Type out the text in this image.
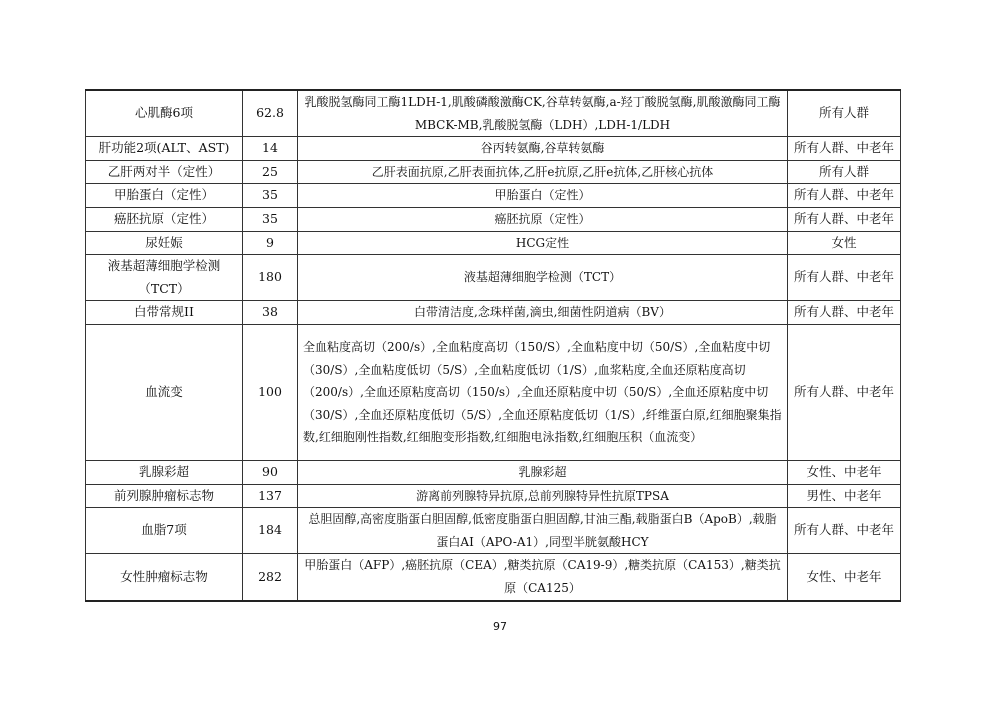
心肌酶6项	62.8	乳酸脱氢酶同工酶1LDH-1,肌酸磷酸激酶CK,谷草转氨酶,a-羟丁酸脱氢酶,肌酸激酶同工酶MBCK-MB,乳酸脱氢酶（LDH）,LDH-1/LDH	所有人群
肝功能2项(ALT、AST)	14	谷丙转氨酶,谷草转氨酶	所有人群、中老年
乙肝两对半（定性）	25	乙肝表面抗原,乙肝表面抗体,乙肝e抗原,乙肝e抗体,乙肝核心抗体	所有人群
甲胎蛋白（定性）	35	甲胎蛋白（定性）	所有人群、中老年
癌胚抗原（定性）	35	癌胚抗原（定性）	所有人群、中老年
尿妊娠	9	HCG定性	女性

液基超薄细胞学检测
（TCT）	180	液基超薄细胞学检测（TCT）	所有人群、中老年
白带常规II	38	白带清洁度,念珠样菌,滴虫,细菌性阴道病（BV）	所有人群、中老年
血流变	100	全血粘度高切（200/s）,全血粘度高切（150/S）,全血粘度中切（50/S）,全血粘度中切（30/S）,全血粘度低切（5/S）,全血粘度低切（1/S）,血浆粘度,全血还原粘度高切（200/s）,全血还原粘度高切（150/s）,全血还原粘度中切（50/S）,全血还原粘度中切（30/S）,全血还原粘度低切（5/S）,全血还原粘度低切（1/S）,纤维蛋白原,红细胞聚集指数,红细胞刚性指数,红细胞变形指数,红细胞电泳指数,红细胞压积（血流变）	所有人群、中老年
乳腺彩超	90	乳腺彩超	女性、中老年
前列腺肿瘤标志物	137	游离前列腺特异抗原,总前列腺特异性抗原TPSA	男性、中老年
血脂7项	184	总胆固醇,高密度脂蛋白胆固醇,低密度脂蛋白胆固醇,甘油三酯,载脂蛋白B（ApoB）,载脂蛋白AI（APO-A1）,同型半胱氨酸HCY	所有人群、中老年
女性肿瘤标志物	282	甲胎蛋白（AFP）,癌胚抗原（CEA）,糖类抗原（CA19-9）,糖类抗原（CA153）,糖类抗原（CA125）	女性、中老年
97
